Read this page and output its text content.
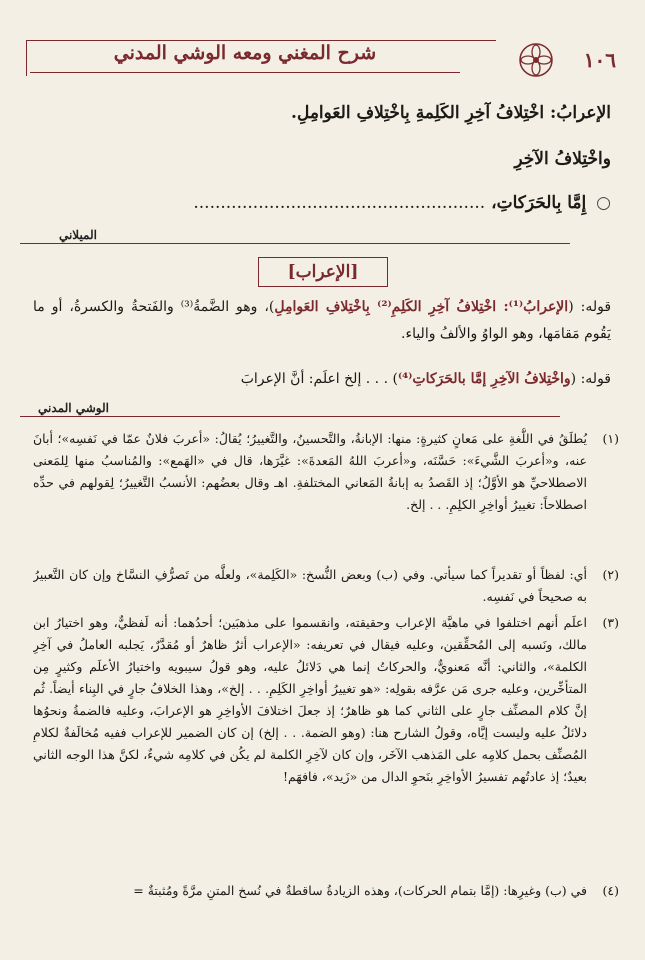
١٠٦
شرح المغني ومعه الوشي المدني
الإعرابُ: اخْتِلافُ آخِرِ الكَلِمةِ بِاخْتِلافِ العَوامِلِ.
واخْتِلافُ الآخِرِ
○ إِمَّا بِالحَرَكاتِ، ......................................................
الميلاني
[الإعراب]
قوله: (الإعرابُ⁽¹⁾: اخْتِلافُ آخِرِ الكَلِمِ⁽²⁾ بِاخْتِلافِ العَوامِلِ)، وهو الضَّمةُ⁽³⁾ والفَتحةُ والكسرةُ، أو ما يَقُوم مَقامَها، وهو الواوُ والألفُ والياء.
قوله: (واخْتِلافُ الآخِرِ إمَّا بالحَرَكاتِ⁽⁴⁾) . . . إلخ اعلَم: أنَّ الإعرابَ
الوشي المدني
(١)
يُطلَقُ في اللُّغةِ على مَعانٍ كثيرةٍ: منها: الإبانةُ، والتَّحسينُ، والتَّغييرُ؛ يُقالُ: «أعربَ فلانٌ عمّا في نَفسِه»؛ أبانَ عنه، و«أعربَ الشَّيءَ»: حَسَّنَه، و«أعربَ اللهُ المَعدةَ»: غيَّرَها، قال في «الهَمع»: والمُناسبُ منها لِلمَعنى الاصطلاحيِّ هو الأوَّلُ؛ إذ القَصدُ به إبانةُ المَعاني المختلفةِ. اهـ وقال بعضُهم: الأنسبُ التَّغييرُ؛ لِقولهم في حدِّه اصطلاحاً: تغييرُ أواخِرِ الكلِمِ. . . إلخ.
(٢)
أي: لفظاً أو تقديراً كما سيأتي. وفي (ب) وبعض النُّسخ: «الكَلِمة»، ولعلَّه من تَصرُّفِ النسَّاخ وإن كان التَّعبيرُ به صحيحاً في نَفسِه.
(٣)
اعلَم أنهم اختلفوا في ماهيَّة الإعراب وحقيقته، وانقسموا على مذهبَين؛ أحدُهما: أنه لَفظيٌّ، وهو اختيارُ ابن مالك، ونَسبه إلى المُحقِّقين، وعليه فيقال في تعريفه: «الإعراب أثرٌ ظاهرٌ أو مُقدَّرٌ، يَجلبه العاملُ في آخِرِ الكلمة»، والثاني: أنَّه مَعنويٌّ، والحركاتُ إنما هي دَلائلُ عليه، وهو قولُ سيبويه واختيارُ الأعلَم وكثيرٍ مِن المتأخِّرين، وعليه جرى مَن عرَّفه بقولِه: «هو تغييرُ أواخِرِ الكَلِمِ. . . إلخ»، وهذا الخلافُ جارٍ في البِناء أيضاً. ثُم إنَّ كلام المصنِّف جارٍ على الثاني كما هو ظاهرٌ؛ إذ جعلَ اختلافَ الأواخِرِ هو الإعرابَ، وعليه فالضمةُ ونحوُها دلائلُ عليه وليست إيَّاه، وقولُ الشارح هنا: (وهو الضمة. . . إلخ) إن كان الضمير للإعراب ففيه مُخالَفةٌ لكلامِ المُصنِّف بحمل كلامِه على المَذهب الآخَر، وإن كان لآخِرِ الكلمة لم يكُن في كلامِه شيءٌ، لكنَّ هذا الوجه الثاني بعيدٌ؛ إذ عادتُهم تفسيرُ الأواخِرِ بنَحوِ الدال من «زَيد»، فافهَم!
(٤)
في (ب) وغيرِها: (إمَّا بتمام الحركات)، وهذه الزيادةُ ساقطةٌ في نُسخ المتنِ مرَّةً ومُثبتةٌ =
